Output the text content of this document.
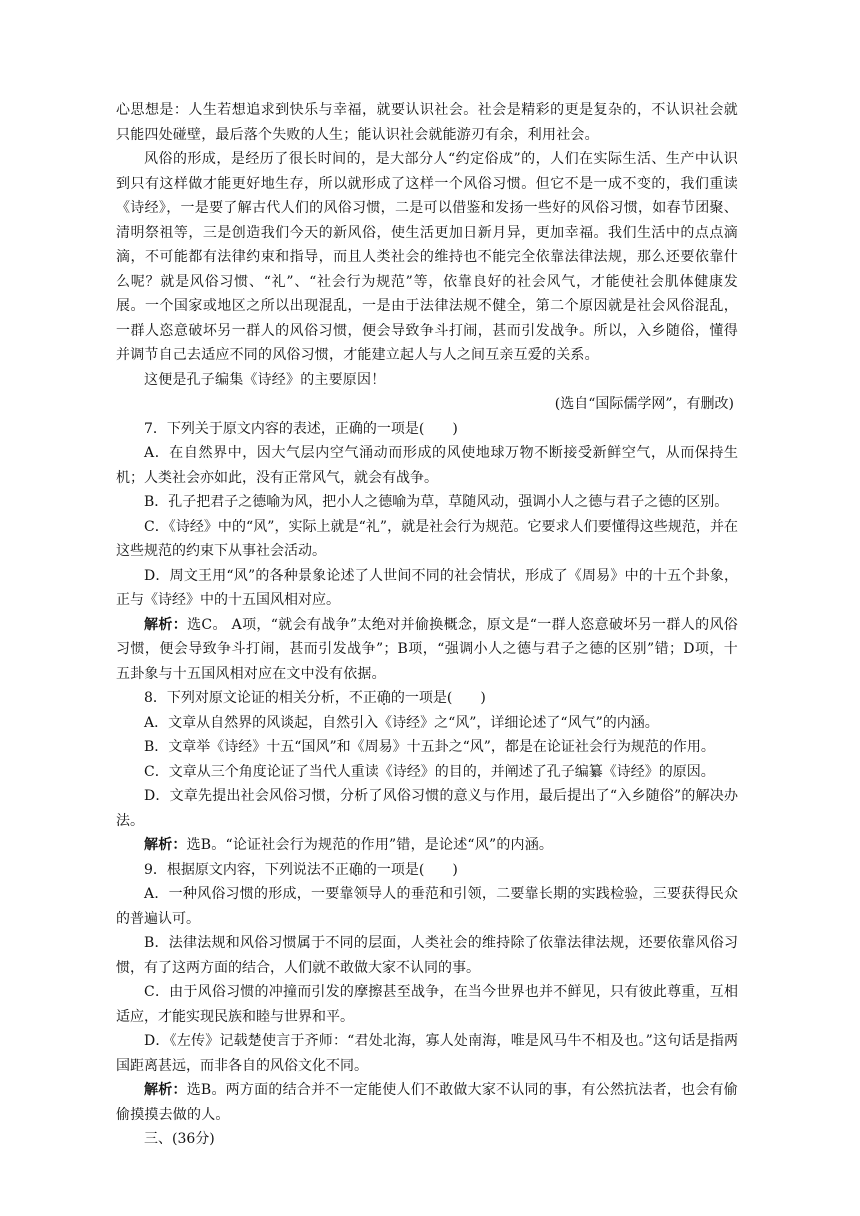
心思想是：人生若想追求到快乐与幸福，就要认识社会。社会是精彩的更是复杂的，不认识社会就只能四处碰壁，最后落个失败的人生；能认识社会就能游刃有余，利用社会。

风俗的形成，是经历了很长时间的，是大部分人“约定俗成”的，人们在实际生活、生产中认识到只有这样做才能更好地生存，所以就形成了这样一个风俗习惯。但它不是一成不变的，我们重读《诗经》，一是要了解古代人们的风俗习惯，二是可以借鉴和发扬一些好的风俗习惯，如春节团聚、清明祭祖等，三是创造我们今天的新风俗，使生活更加日新月异，更加幸福。我们生活中的点点滴滴，不可能都有法律约束和指导，而且人类社会的维持也不能完全依靠法律法规，那么还要依靠什么呢？就是风俗习惯、“礼”、“社会行为规范”等，依靠良好的社会风气，才能使社会肌体健康发展。一个国家或地区之所以出现混乱，一是由于法律法规不健全，第二个原因就是社会风俗混乱，一群人恣意破坏另一群人的风俗习惯，便会导致争斗打闹，甚而引发战争。所以，入乡随俗，懂得并调节自己去适应不同的风俗习惯，才能建立起人与人之间互亲互爱的关系。

这便是孔子编集《诗经》的主要原因！

(选自“国际儒学网”，有删改)

7．下列关于原文内容的表述，正确的一项是(　　)

A．在自然界中，因大气层内空气涌动而形成的风使地球万物不断接受新鲜空气，从而保持生机；人类社会亦如此，没有正常风气，就会有战争。

B．孔子把君子之德喻为风，把小人之德喻为草，草随风动，强调小人之德与君子之德的区别。

C．《诗经》中的“风”，实际上就是“礼”，就是社会行为规范。它要求人们要懂得这些规范，并在这些规范的约束下从事社会活动。

D．周文王用“风”的各种景象论述了人世间不同的社会情状，形成了《周易》中的十五个卦象，正与《诗经》中的十五国风相对应。

解析：选C。 A项，“就会有战争”太绝对并偷换概念，原文是“一群人恣意破坏另一群人的风俗习惯，便会导致争斗打闹，甚而引发战争”；B项，“强调小人之德与君子之德的区别”错；D项，十五卦象与十五国风相对应在文中没有依据。

8．下列对原文论证的相关分析，不 ·正确的一项是(　　)

A．文章从自然界的风谈起，自然引入《诗经》之“风”，详细论述了“风气”的内涵。

B．文章举《诗经》十五“国风”和《周易》十五卦之“风”，都是在论证社会行为规范的作用。

C．文章从三个角度论证了当代人重读《诗经》的目的，并阐述了孔子编纂《诗经》的原因。

D．文章先提出社会风俗习惯，分析了风俗习惯的意义与作用，最后提出了“入乡随俗”的解决办法。

解析：选B。“论证社会行为规范的作用”错，是论述“风”的内涵。

9．根据原文内容，下列说法不 ·正确的一项是(　　)

A．一种风俗习惯的形成，一要靠领导人的垂范和引领，二要靠长期的实践检验，三要获得民众的普遍认可。

B．法律法规和风俗习惯属于不同的层面，人类社会的维持除了依靠法律法规，还要依靠风俗习惯，有了这两方面的结合，人们就不敢做大家不认同的事。

C．由于风俗习惯的冲撞而引发的摩擦甚至战争，在当今世界也并不鲜见，只有彼此尊重，互相适应，才能实现民族和睦与世界和平。

D．《左传》记载楚使言于齐师：“君处北海，寡人处南海，唯是风马牛不相及也。”这句话是指两国距离甚远，而非各自的风俗文化不同。

解析：选B。两方面的结合并不一定能使人们不敢做大家不认同的事，有公然抗法者，也会有偷偷摸摸去做的人。

三、(36分)
